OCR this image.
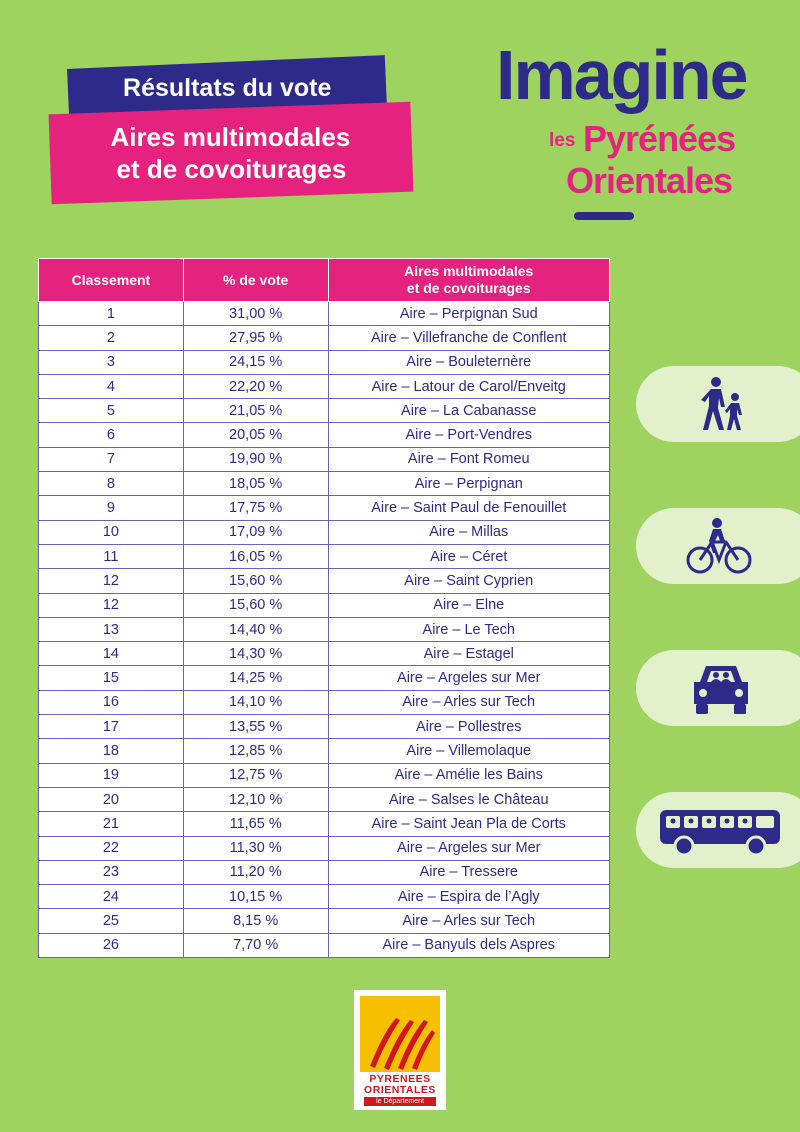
Résultats du vote
Aires multimodales
et de covoiturages
Imagine
les Pyrénées
Orientales
Classement	% de vote	Aires multimodales
et de covoiturages

1	31,00 %	Aire – Perpignan Sud
2	27,95 %	Aire – Villefranche de Conflent
3	24,15 %	Aire – Bouleternère
4	22,20 %	Aire – Latour de Carol/Enveitg
5	21,05 %	Aire – La Cabanasse
6	20,05 %	Aire – Port-Vendres
7	19,90 %	Aire – Font Romeu
8	18,05 %	Aire – Perpignan
9	17,75 %	Aire – Saint Paul de Fenouillet
10	17,09 %	Aire – Millas
11	16,05 %	Aire – Céret
12	15,60 %	Aire – Saint Cyprien
12	15,60 %	Aire – Elne
13	14,40 %	Aire – Le Tech
14	14,30 %	Aire – Estagel
15	14,25 %	Aire – Argeles sur Mer
16	14,10 %	Aire – Arles sur Tech
17	13,55 %	Aire – Pollestres
18	12,85 %	Aire – Villemolaque
19	12,75 %	Aire – Amélie les Bains
20	12,10 %	Aire – Salses le Château
21	11,65 %	Aire – Saint Jean Pla de Corts
22	11,30 %	Aire – Argeles sur Mer
23	11,20 %	Aire – Tressere
24	10,15 %	Aire – Espira de l’Agly
25	8,15 %	Aire – Arles sur Tech
26	7,70 %	Aire – Banyuls dels Aspres
PYRENEES
ORIENTALES
le Département
